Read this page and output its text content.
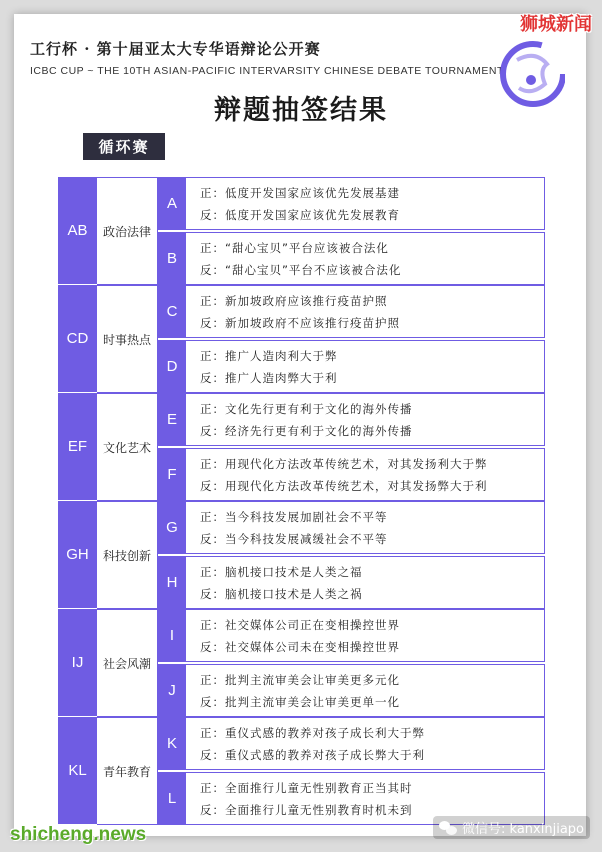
工行杯 · 第十届亚太大专华语辩论公开赛
ICBC CUP ~ THE 10TH ASIAN-PACIFIC INTERVARSITY CHINESE DEBATE TOURNAMENT
辩题抽签结果
循环赛
AB	政治法律
A
正：低度开发国家应该优先发展基建
反：低度开发国家应该优先发展教育
B
正：“甜心宝贝”平台应该被合法化
反：“甜心宝贝”平台不应该被合法化
CD	时事热点
C
正：新加坡政府应该推行疫苗护照
反：新加坡政府不应该推行疫苗护照
D
正：推广人造肉利大于弊
反：推广人造肉弊大于利
EF	文化艺术
E
正：文化先行更有利于文化的海外传播
反：经济先行更有利于文化的海外传播
F
正：用现代化方法改革传统艺术，对其发扬利大于弊
反：用现代化方法改革传统艺术，对其发扬弊大于利
GH	科技创新
G
正：当今科技发展加剧社会不平等
反：当今科技发展减缓社会不平等
H
正：脑机接口技术是人类之福
反：脑机接口技术是人类之祸
IJ	社会风潮
I
正：社交媒体公司正在变相操控世界
反：社交媒体公司未在变相操控世界
J
正：批判主流审美会让审美更多元化
反：批判主流审美会让审美更单一化
KL	青年教育
K
正：重仪式感的教养对孩子成长利大于弊
反：重仪式感的教养对孩子成长弊大于利
L
正：全面推行儿童无性别教育正当其时
反：全面推行儿童无性别教育时机未到
狮城新闻
shicheng.news	微信号: kanxinjiapo
